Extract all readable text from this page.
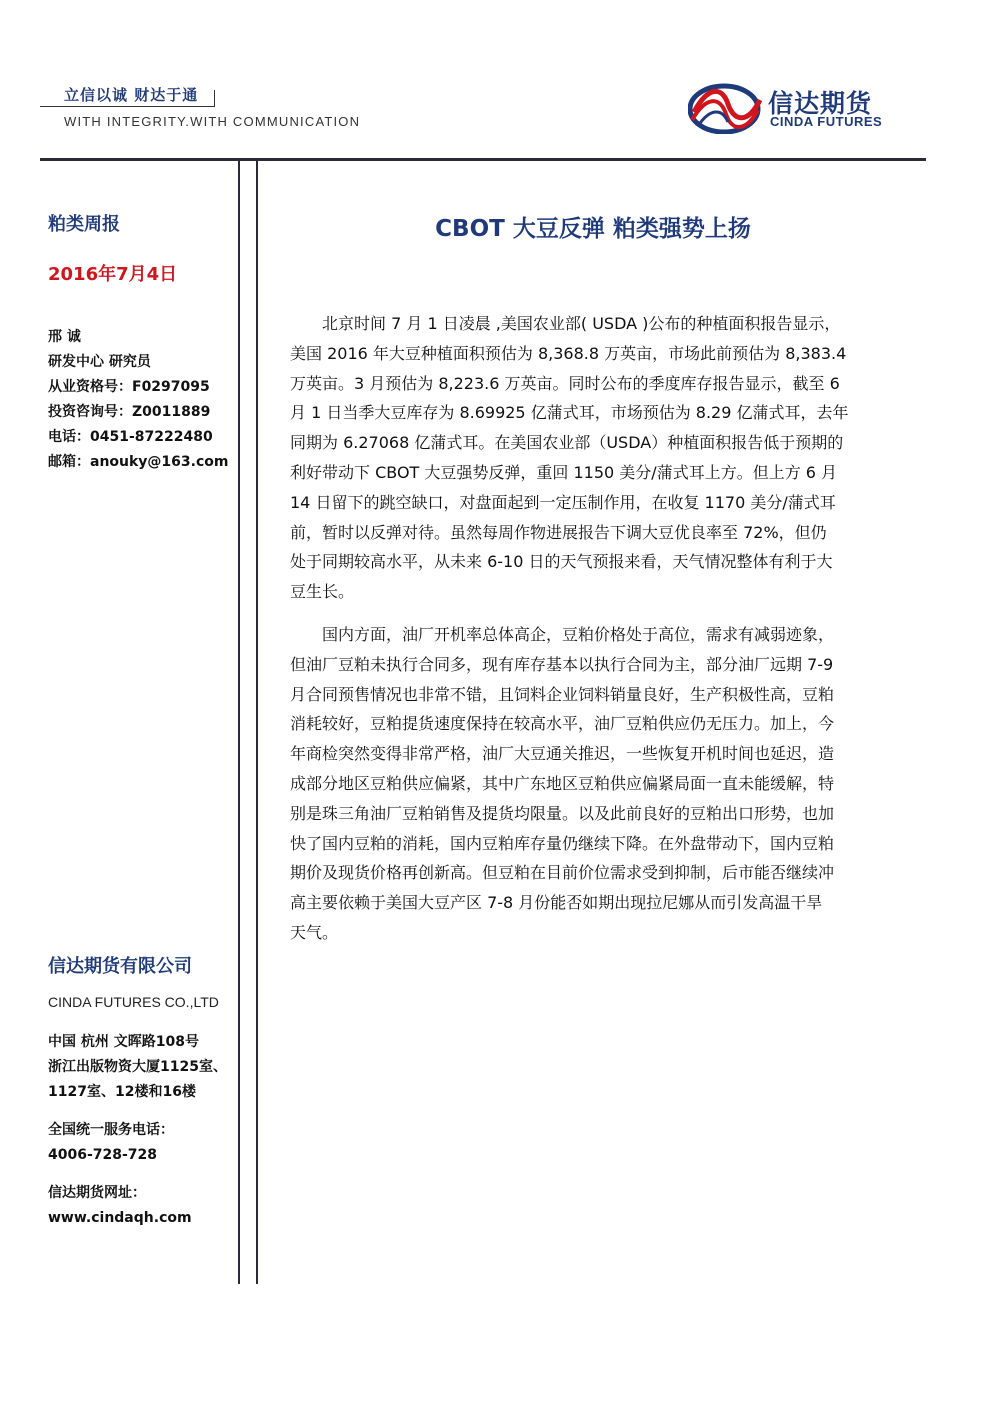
立信以诚 财达于通
WITH INTEGRITY.WITH COMMUNICATION
信达期货
CINDA FUTURES
粕类周报
2016年7月4日
邢 诚
研发中心 研究员
从业资格号：F0297095
投资咨询号：Z0011889
电话：0451-87222480
邮箱：anouky@163.com
信达期货有限公司
CINDA FUTURES CO.,LTD
中国 杭州 文晖路108号
浙江出版物资大厦1125室、
1127室、12楼和16楼
全国统一服务电话：
4006-728-728
信达期货网址：
www.cindaqh.com
CBOT 大豆反弹 粕类强势上扬
北京时间 7 月 1 日凌晨 ,美国农业部( USDA )公布的种植面积报告显示，
美国 2016 年大豆种植面积预估为 8,368.8 万英亩，市场此前预估为 8,383.4
万英亩。3 月预估为 8,223.6 万英亩。同时公布的季度库存报告显示，截至 6
月 1 日当季大豆库存为 8.69925 亿蒲式耳，市场预估为 8.29 亿蒲式耳，去年
同期为 6.27068 亿蒲式耳。在美国农业部（USDA）种植面积报告低于预期的
利好带动下 CBOT 大豆强势反弹，重回 1150 美分/蒲式耳上方。但上方 6 月
14 日留下的跳空缺口，对盘面起到一定压制作用，在收复 1170 美分/蒲式耳
前，暂时以反弹对待。虽然每周作物进展报告下调大豆优良率至 72%，但仍
处于同期较高水平，从未来 6-10 日的天气预报来看，天气情况整体有利于大
豆生长。
国内方面，油厂开机率总体高企，豆粕价格处于高位，需求有减弱迹象，
但油厂豆粕未执行合同多，现有库存基本以执行合同为主，部分油厂远期 7-9
月合同预售情况也非常不错，且饲料企业饲料销量良好，生产积极性高，豆粕
消耗较好，豆粕提货速度保持在较高水平，油厂豆粕供应仍无压力。加上，今
年商检突然变得非常严格，油厂大豆通关推迟，一些恢复开机时间也延迟，造
成部分地区豆粕供应偏紧，其中广东地区豆粕供应偏紧局面一直未能缓解，特
别是珠三角油厂豆粕销售及提货均限量。以及此前良好的豆粕出口形势，也加
快了国内豆粕的消耗，国内豆粕库存量仍继续下降。在外盘带动下，国内豆粕
期价及现货价格再创新高。但豆粕在目前价位需求受到抑制，后市能否继续冲
高主要依赖于美国大豆产区 7-8 月份能否如期出现拉尼娜从而引发高温干旱
天气。
